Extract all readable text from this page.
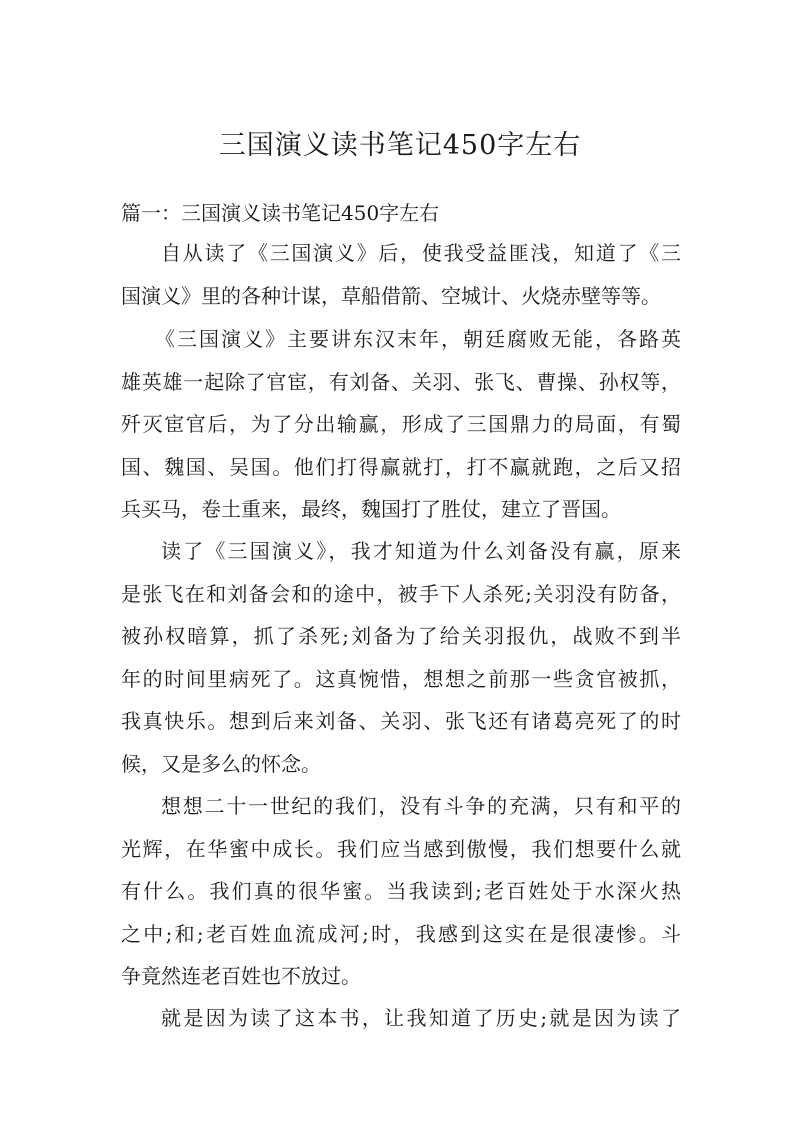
三国演义读书笔记450字左右
篇一：三国演义读书笔记450字左右
自从读了《三国演义》后，使我受益匪浅，知道了《三
国演义》里的各种计谋，草船借箭、空城计、火烧赤壁等等。
《三国演义》主要讲东汉末年，朝廷腐败无能，各路英
雄英雄一起除了官宦，有刘备、关羽、张飞、曹操、孙权等，
歼灭宦官后，为了分出输赢，形成了三国鼎力的局面，有蜀
国、魏国、吴国。他们打得赢就打，打不赢就跑，之后又招
兵买马，卷土重来，最终，魏国打了胜仗，建立了晋国。
读了《三国演义》，我才知道为什么刘备没有赢，原来
是张飞在和刘备会和的途中，被手下人杀死;关羽没有防备，
被孙权暗算，抓了杀死;刘备为了给关羽报仇，战败不到半
年的时间里病死了。这真惋惜，想想之前那一些贪官被抓，
我真快乐。想到后来刘备、关羽、张飞还有诸葛亮死了的时
候，又是多么的怀念。
想想二十一世纪的我们，没有斗争的充满，只有和平的
光辉，在华蜜中成长。我们应当感到傲慢，我们想要什么就
有什么。我们真的很华蜜。当我读到;老百姓处于水深火热
之中;和;老百姓血流成河;时，我感到这实在是很凄惨。斗
争竟然连老百姓也不放过。
就是因为读了这本书，让我知道了历史;就是因为读了
